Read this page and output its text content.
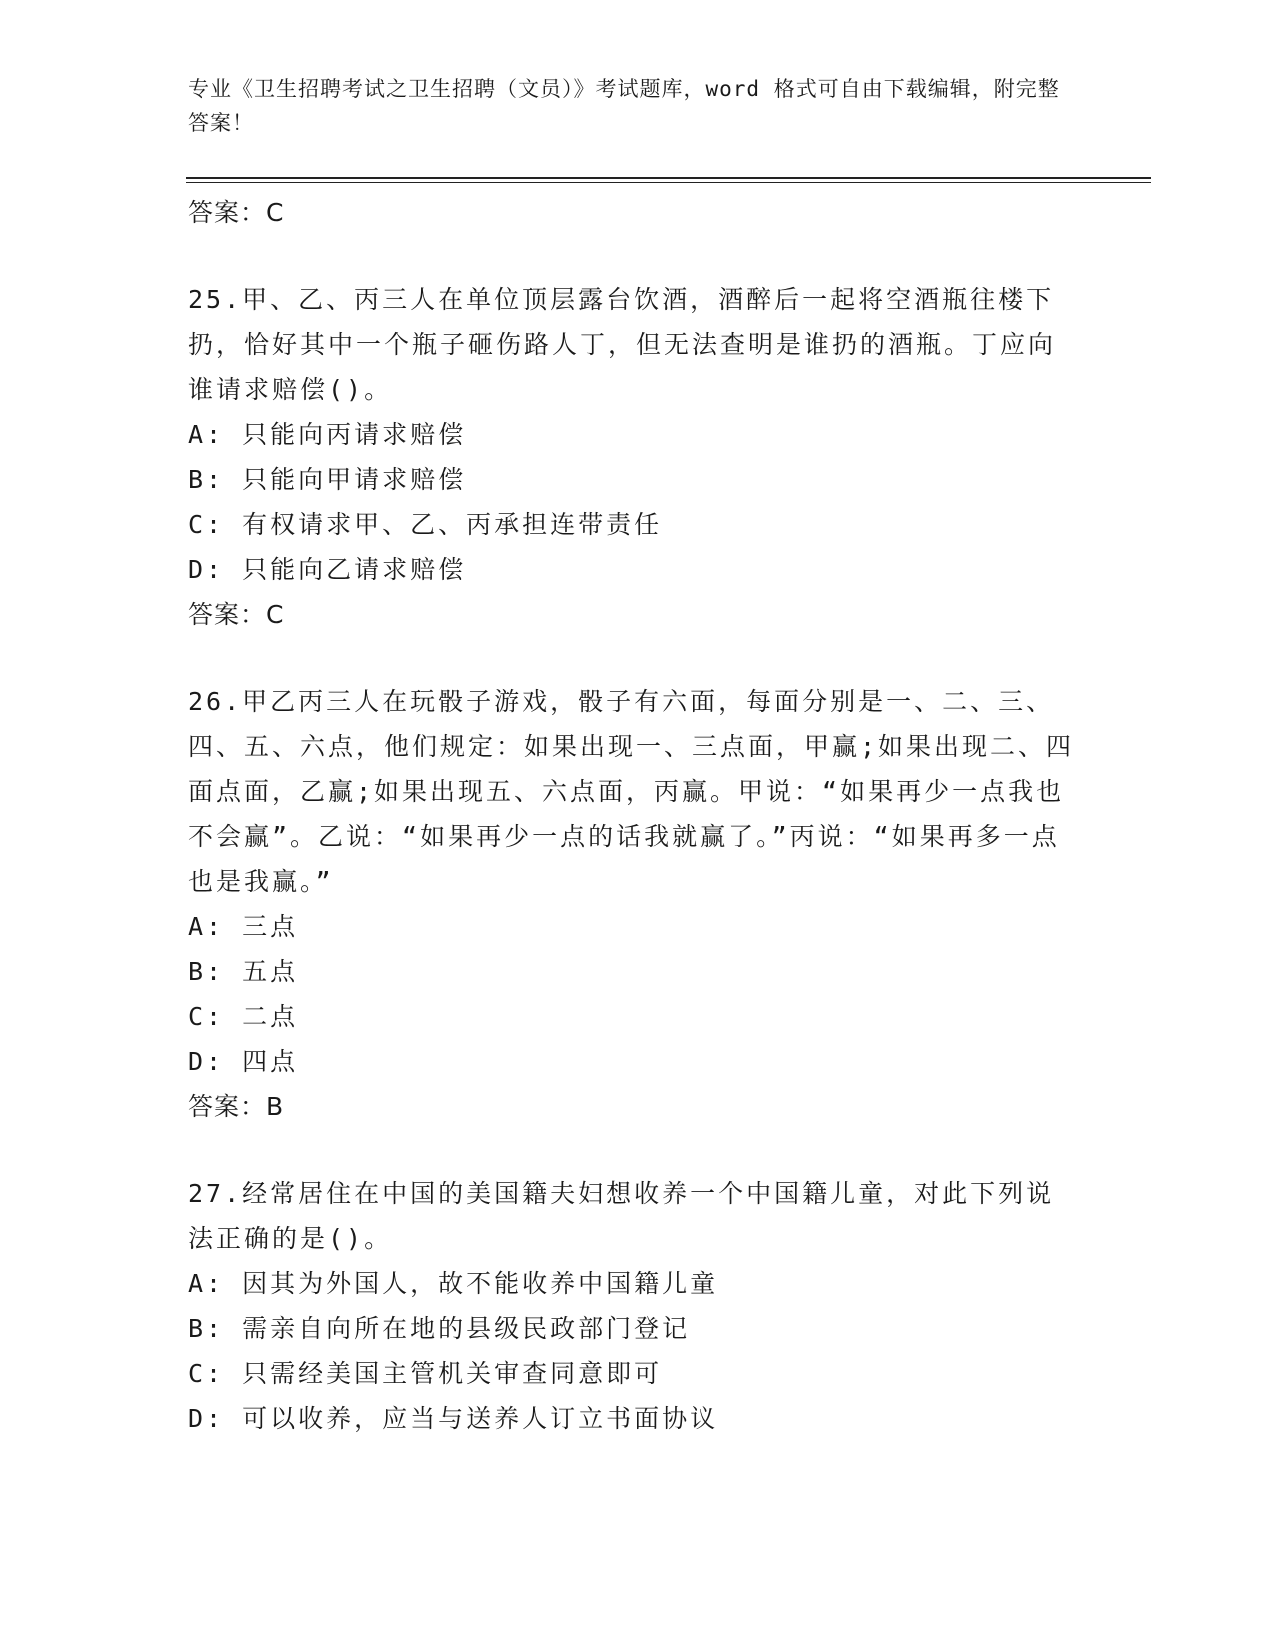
专业《卫生招聘考试之卫生招聘（文员）》考试题库，word 格式可自由下载编辑，附完整答案！
答案：C
25.甲、乙、丙三人在单位顶层露台饮酒，酒醉后一起将空酒瓶往楼下扔，恰好其中一个瓶子砸伤路人丁，但无法查明是谁扔的酒瓶。丁应向谁请求赔偿()。
A: 只能向丙请求赔偿
B: 只能向甲请求赔偿
C: 有权请求甲、乙、丙承担连带责任
D: 只能向乙请求赔偿
答案：C
26.甲乙丙三人在玩骰子游戏，骰子有六面，每面分别是一、二、三、四、五、六点，他们规定：如果出现一、三点面，甲赢;如果出现二、四面点面，乙赢;如果出现五、六点面，丙赢。甲说：“如果再少一点我也不会赢”。乙说：“如果再少一点的话我就赢了。”丙说：“如果再多一点也是我赢。”
A: 三点
B: 五点
C: 二点
D: 四点
答案：B
27.经常居住在中国的美国籍夫妇想收养一个中国籍儿童，对此下列说法正确的是()。
A: 因其为外国人，故不能收养中国籍儿童
B: 需亲自向所在地的县级民政部门登记
C: 只需经美国主管机关审查同意即可
D: 可以收养，应当与送养人订立书面协议
